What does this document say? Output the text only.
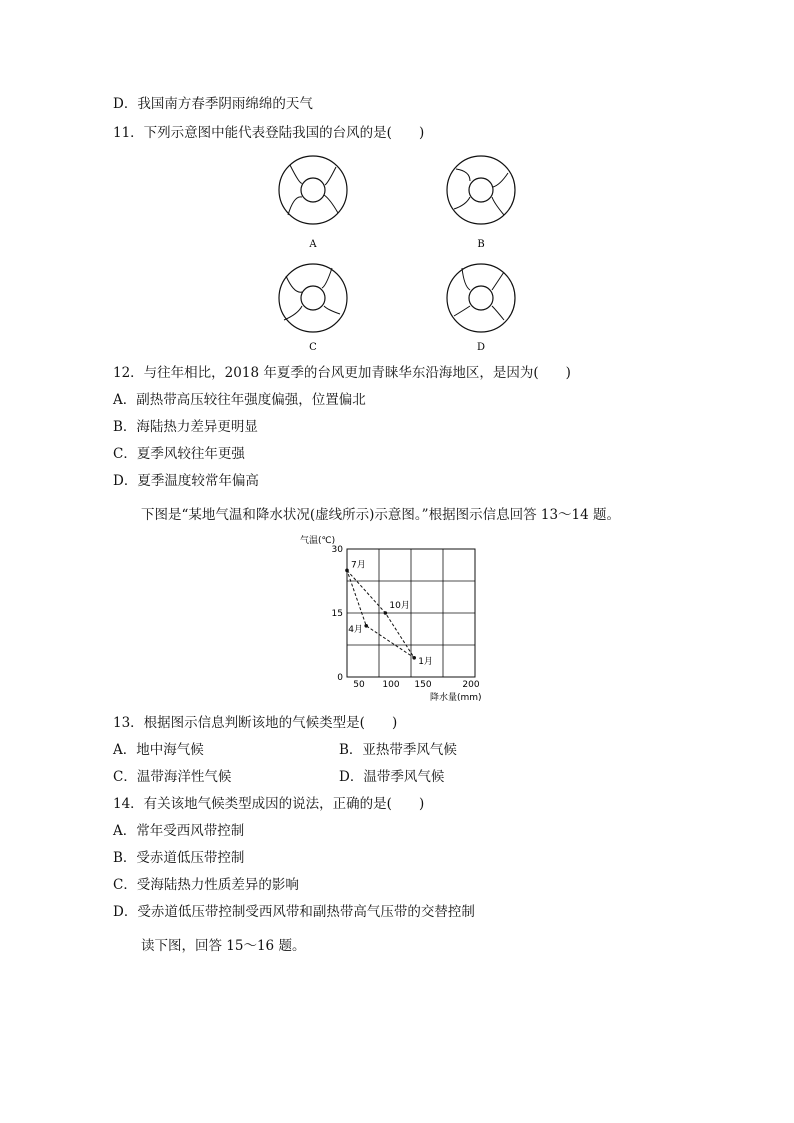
D．我国南方春季阴雨绵绵的天气
11．下列示意图中能代表登陆我国的台风的是(　　)
A	B
C	D
12．与往年相比，2018 年夏季的台风更加青睐华东沿海地区，是因为(　　)
A．副热带高压较往年强度偏强，位置偏北
B．海陆热力差异更明显
C．夏季风较往年更强
D．夏季温度较常年偏高
下图是“某地气温和降水状况(虚线所示)示意图。”根据图示信息回答 13～14 题。
气温(℃)
降水量(mm)
50 100 150	200
0
15
30
7月
10月
4月
1月
13．根据图示信息判断该地的气候类型是(　　)
A．地中海气候	B．亚热带季风气候
C．温带海洋性气候	D．温带季风气候
14．有关该地气候类型成因的说法，正确的是(　　)
A．常年受西风带控制
B．受赤道低压带控制
C．受海陆热力性质差异的影响
D．受赤道低压带控制受西风带和副热带高气压带的交替控制
读下图，回答 15～16 题。
